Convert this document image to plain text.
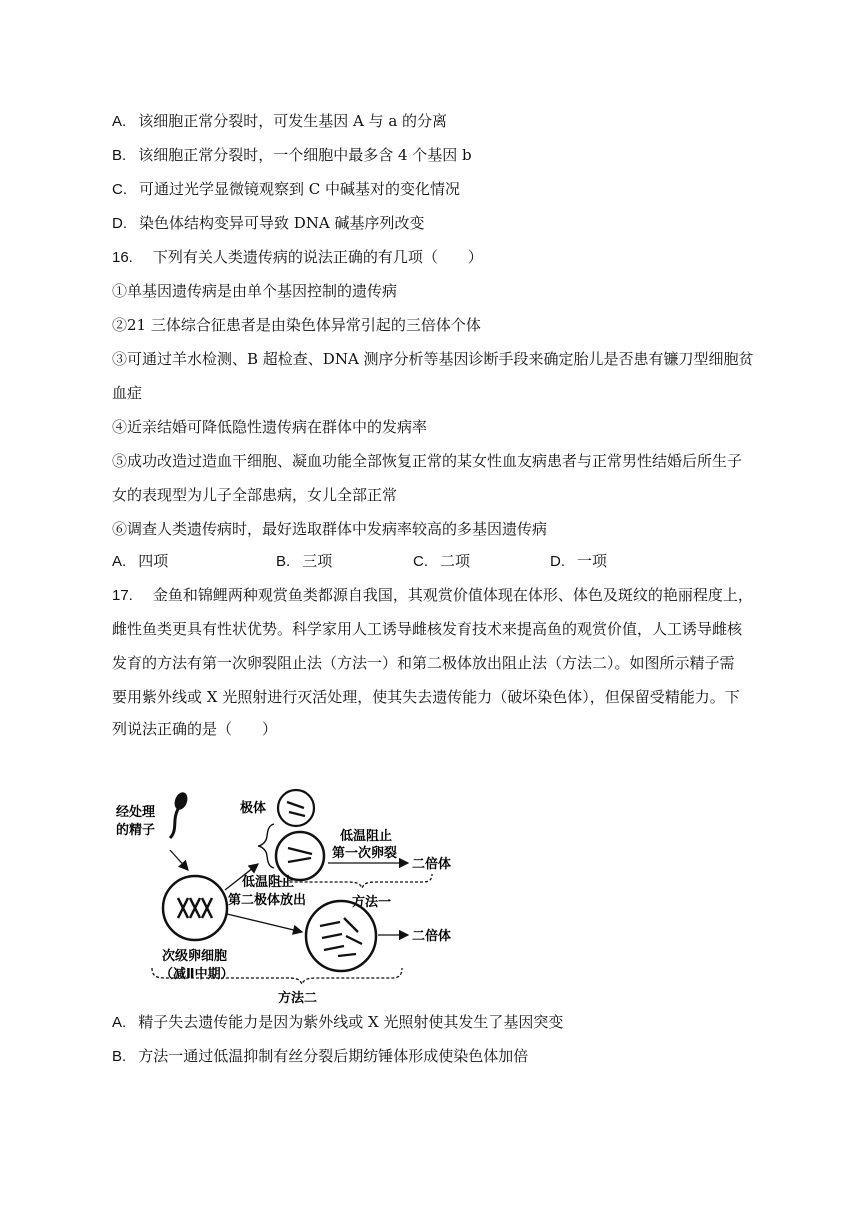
A. 该细胞正常分裂时，可发生基因 A 与 a 的分离
B. 该细胞正常分裂时，一个细胞中最多含 4 个基因 b
C. 可通过光学显微镜观察到 C 中碱基对的变化情况
D. 染色体结构变异可导致 DNA 碱基序列改变
16. 下列有关人类遗传病的说法正确的有几项（　　）
①单基因遗传病是由单个基因控制的遗传病
②21 三体综合征患者是由染色体异常引起的三倍体个体
③可通过羊水检测、B 超检查、DNA 测序分析等基因诊断手段来确定胎儿是否患有镰刀型细胞贫
血症
④近亲结婚可降低隐性遗传病在群体中的发病率
⑤成功改造过造血干细胞、凝血功能全部恢复正常的某女性血友病患者与正常男性结婚后所生子
女的表现型为儿子全部患病，女儿全部正常
⑥调查人类遗传病时，最好选取群体中发病率较高的多基因遗传病
A. 四项	B. 三项	C. 二项	D. 一项
17. 金鱼和锦鲤两种观赏鱼类都源自我国，其观赏价值体现在体形、体色及斑纹的艳丽程度上，
雌性鱼类更具有性状优势。科学家用人工诱导雌核发育技术来提高鱼的观赏价值，人工诱导雌核
发育的方法有第一次卵裂阻止法（方法一）和第二极体放出阻止法（方法二）。如图所示精子需
要用紫外线或 X 光照射进行灭活处理，使其失去遗传能力（破坏染色体），但保留受精能力。下
列说法正确的是（　　）
经处理
的精子
次级卵细胞
（减Ⅱ中期）
极体
低温阻止
第一次卵裂
二倍体
方法一
低温阻止
第二极体放出
二倍体
方法二
A. 精子失去遗传能力是因为紫外线或 X 光照射使其发生了基因突变
B. 方法一通过低温抑制有丝分裂后期纺锤体形成使染色体加倍
